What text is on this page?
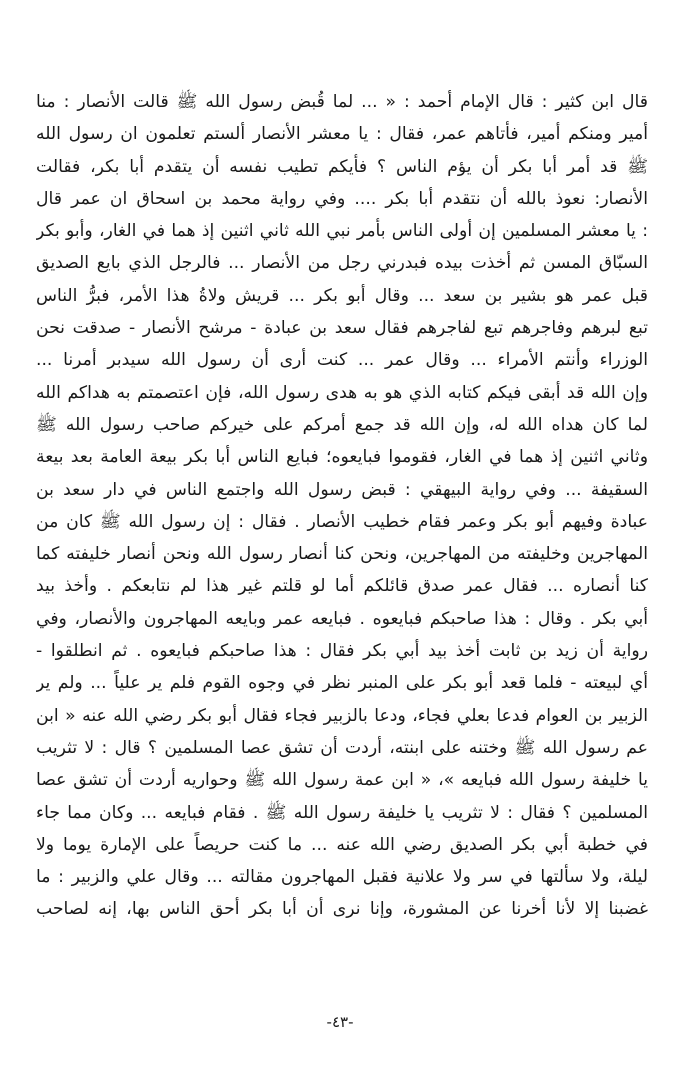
قال ابن كثير : قال الإمام أحمد : « ... لما قُبض رسول الله ﷺ قالت الأنصار : منا
أمير ومنكم أمير، فأتاهم عمر، فقال : يا معشر الأنصار ألستم تعلمون ان رسول الله
ﷺ قد أمر أبا بكر أن يؤم الناس ؟ فأيكم تطيب نفسه أن يتقدم أبا بكر، فقالت
الأنصار: نعوذ بالله أن نتقدم أبا بكر .... وفي رواية محمد بن اسحاق ان عمر قال
: يا معشر المسلمين إن أولى الناس بأمر نبي الله ثاني اثنين إذ هما في الغار، وأبو بكر
السبّاق المسن ثم أخذت بيده فبدرني رجل من الأنصار ... فالرجل الذي بايع الصديق
قبل عمر هو بشير بن سعد ... وقال أبو بكر ... قريش ولاةُ هذا الأمر، فبرُّ الناس
تبع لبرهم وفاجرهم تبع لفاجرهم فقال سعد بن عبادة - مرشح الأنصار - صدقت نحن
الوزراء وأنتم الأمراء ... وقال عمر ... كنت أرى أن رسول الله سيدبر أمرنا ...
وإن الله قد أبقى فيكم كتابه الذي هو به هدى رسول الله، فإن اعتصمتم به هداكم الله
لما كان هداه الله له، وإن الله قد جمع أمركم على خيركم صاحب رسول الله ﷺ
وثاني اثنين إذ هما في الغار، فقوموا فبايعوه؛ فبايع الناس أبا بكر بيعة العامة بعد بيعة
السقيفة ... وفي رواية البيهقي : قبض رسول الله واجتمع الناس في دار سعد بن
عبادة وفيهم أبو بكر وعمر فقام خطيب الأنصار . فقال : إن رسول الله ﷺ كان من
المهاجرين وخليفته من المهاجرين، ونحن كنا أنصار رسول الله ونحن أنصار خليفته كما
كنا أنصاره ... فقال عمر صدق قائلكم أما لو قلتم غير هذا لم نتابعكم . وأخذ بيد
أبي بكر . وقال : هذا صاحبكم فبايعوه . فبايعه عمر وبايعه المهاجرون والأنصار، وفي
رواية أن زيد بن ثابت أخذ بيد أبي بكر فقال : هذا صاحبكم فبايعوه . ثم انطلقوا -
أي لبيعته - فلما قعد أبو بكر على المنبر نظر في وجوه القوم فلم ير علياً ... ولم ير
الزبير بن العوام فدعا بعلي فجاء، ودعا بالزبير فجاء فقال أبو بكر رضي الله عنه « ابن
عم رسول الله ﷺ وختنه على ابنته، أردت أن تشق عصا المسلمين ؟ قال : لا تثريب
يا خليفة رسول الله فبايعه »، « ابن عمة رسول الله ﷺ وحواريه أردت أن تشق عصا
المسلمين ؟ فقال : لا تثريب يا خليفة رسول الله ﷺ . فقام فبايعه ... وكان مما جاء
في خطبة أبي بكر الصديق رضي الله عنه ... ما كنت حريصاً على الإمارة يوما ولا
ليلة، ولا سألتها في سر ولا علانية فقبل المهاجرون مقالته ... وقال علي والزبير : ما
غضبنا إلا لأنا أخرنا عن المشورة، وإنا نرى أن أبا بكر أحق الناس بها، إنه لصاحب
-٤٣-
